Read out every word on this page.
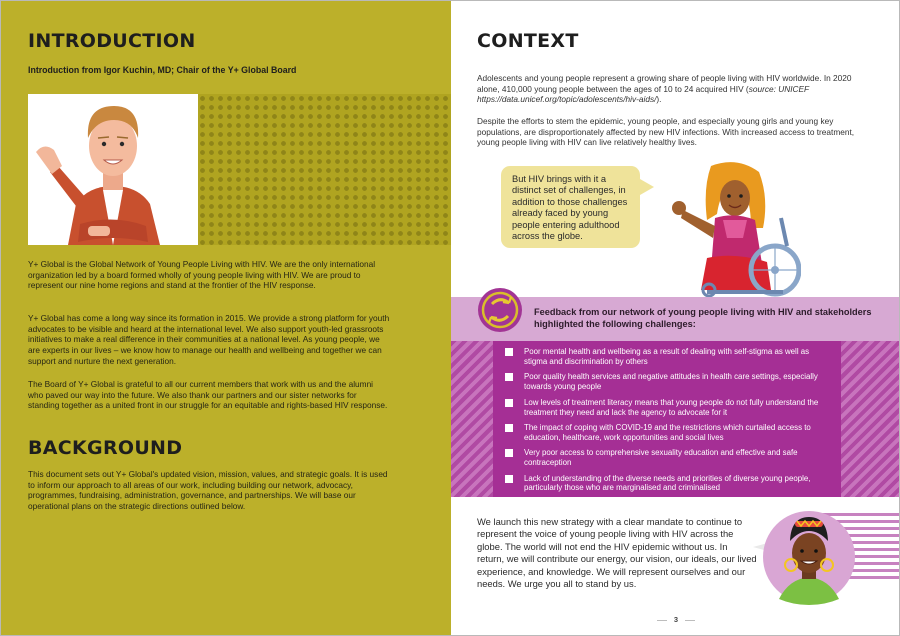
INTRODUCTION
Introduction from Igor Kuchin, MD; Chair of the Y+ Global Board

Y+ Global is the Global Network of Young People Living with HIV. We are the only international organization led by a board formed wholly of young people living with HIV. We are proud to represent our nine home regions and stand at the frontier of the HIV response.

Y+ Global has come a long way since its formation in 2015. We provide a strong platform for youth advocates to be visible and heard at the international level. We also support youth-led grassroots initiatives to make a real difference in their communities at a national level. As young people, we are experts in our lives – we know how to manage our health and wellbeing and together we can support and nurture the next generation.

The Board of Y+ Global is grateful to all our current members that work with us and the alumni who paved our way into the future. We also thank our partners and our sister networks for standing together as a united front in our struggle for an equitable and rights-based HIV response.

BACKGROUND

This document sets out Y+ Global's updated vision, mission, values, and strategic goals. It is used to inform our approach to all areas of our work, including building our network, advocacy, programmes, fundraising, administration, governance, and partnerships. We will base our operational plans on the strategic directions outlined below.

CONTEXT

Adolescents and young people represent a growing share of people living with HIV worldwide. In 2020 alone, 410,000 young people between the ages of 10 to 24 acquired HIV (source: UNICEF https://data.unicef.org/topic/adolescents/hiv-aids/).

Despite the efforts to stem the epidemic, young people, and especially young girls and young key populations, are disproportionately affected by new HIV infections. With increased access to treatment, young people living with HIV can live relatively healthy lives.

But HIV brings with it a distinct set of challenges, in addition to those challenges already faced by young people entering adulthood across the globe.
Feedback from our network of young people living with HIV and stakeholders highlighted the following challenges:
Poor mental health and wellbeing as a result of dealing with self-stigma as well as stigma and discrimination by others
Poor quality health services and negative attitudes in health care settings, especially towards young people
Low levels of treatment literacy means that young people do not fully understand the treatment they need and lack the agency to advocate for it
The impact of coping with COVID-19 and the restrictions which curtailed access to education, healthcare, work opportunities and social lives
Very poor access to comprehensive sexuality education and effective and safe contraception
Lack of understanding of the diverse needs and priorities of diverse young people, particularly those who are marginalised and criminalised

We launch this new strategy with a clear mandate to continue to represent the voice of young people living with HIV across the globe. The world will not end the HIV epidemic without us. In return, we will contribute our energy, our vision, our ideals, our lived experience, and knowledge. We will represent ourselves and our needs. We urge you all to stand by us.

3
